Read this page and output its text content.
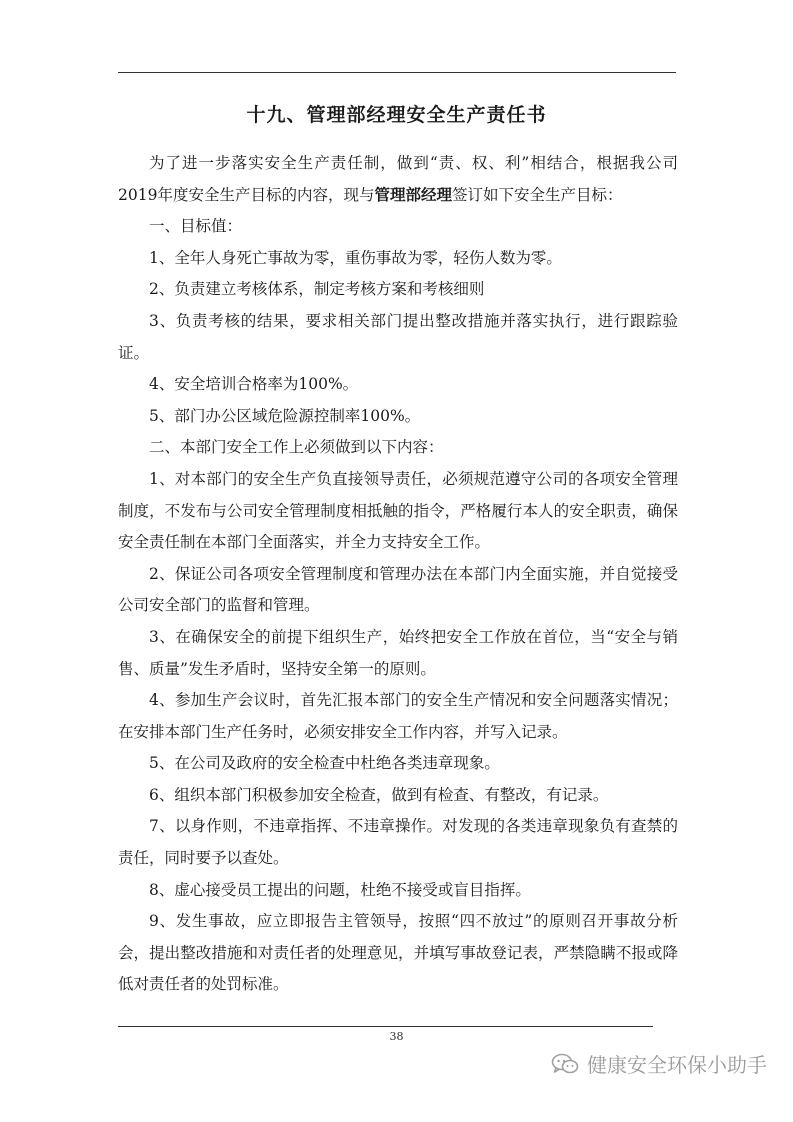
十九、管理部经理安全生产责任书

为了进一步落实安全生产责任制，做到“责、权、利”相结合，根据我公司2019年度安全生产目标的内容，现与管理部经理签订如下安全生产目标：

一、目标值：

1、全年人身死亡事故为零，重伤事故为零，轻伤人数为零。

2、负责建立考核体系，制定考核方案和考核细则

3、负责考核的结果，要求相关部门提出整改措施并落实执行，进行跟踪验证。

4、安全培训合格率为100%。

5、部门办公区域危险源控制率100%。

二、本部门安全工作上必须做到以下内容：

1、对本部门的安全生产负直接领导责任，必须规范遵守公司的各项安全管理制度，不发布与公司安全管理制度相抵触的指令，严格履行本人的安全职责，确保安全责任制在本部门全面落实，并全力支持安全工作。

2、保证公司各项安全管理制度和管理办法在本部门内全面实施，并自觉接受公司安全部门的监督和管理。

3、在确保安全的前提下组织生产，始终把安全工作放在首位，当“安全与销售、质量”发生矛盾时，坚持安全第一的原则。

4、参加生产会议时，首先汇报本部门的安全生产情况和安全问题落实情况；在安排本部门生产任务时，必须安排安全工作内容，并写入记录。

5、在公司及政府的安全检查中杜绝各类违章现象。

6、组织本部门积极参加安全检查，做到有检查、有整改，有记录。

7、以身作则，不违章指挥、不违章操作。对发现的各类违章现象负有查禁的责任，同时要予以查处。

8、虚心接受员工提出的问题，杜绝不接受或盲目指挥。

9、发生事故，应立即报告主管领导，按照“四不放过”的原则召开事故分析会，提出整改措施和对责任者的处理意见，并填写事故登记表，严禁隐瞒不报或降低对责任者的处罚标准。

38
健康安全环保小助手
